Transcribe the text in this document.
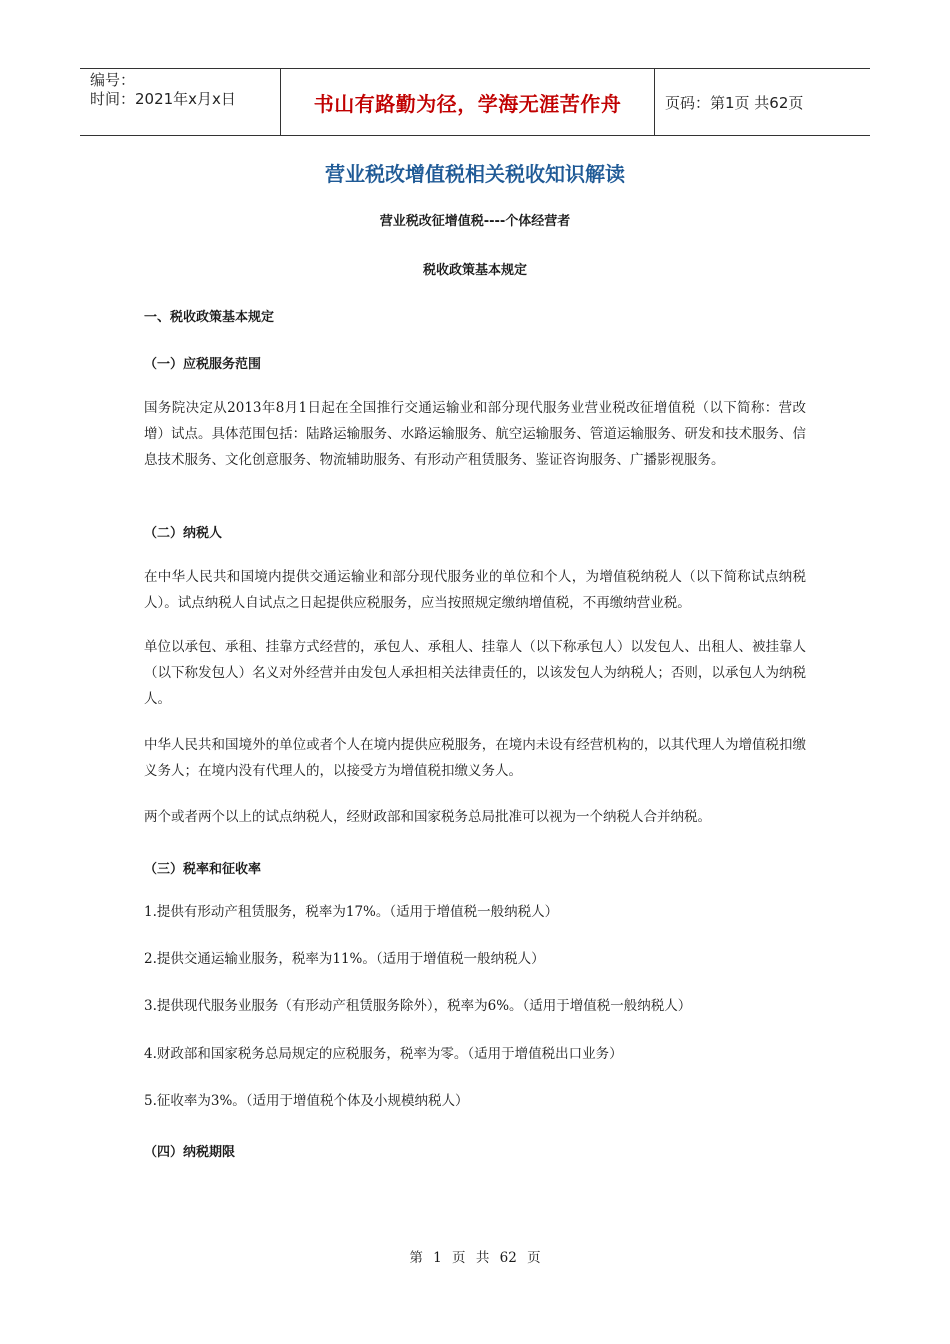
编号：
时间：2021年x月x日	书山有路勤为径，学海无涯苦作舟	页码：第1页 共62页
营业税改增值税相关税收知识解读
营业税改征增值税----个体经营者
税收政策基本规定
一、税收政策基本规定
（一）应税服务范围
国务院决定从2013年8月1日起在全国推行交通运输业和部分现代服务业营业税改征增值税（以下简称：营改增）试点。具体范围包括：陆路运输服务、水路运输服务、航空运输服务、管道运输服务、研发和技术服务、信息技术服务、文化创意服务、物流辅助服务、有形动产租赁服务、鉴证咨询服务、广播影视服务。
（二）纳税人
在中华人民共和国境内提供交通运输业和部分现代服务业的单位和个人，为增值税纳税人（以下简称试点纳税人）。试点纳税人自试点之日起提供应税服务，应当按照规定缴纳增值税，不再缴纳营业税。
单位以承包、承租、挂靠方式经营的，承包人、承租人、挂靠人（以下称承包人）以发包人、出租人、被挂靠人（以下称发包人）名义对外经营并由发包人承担相关法律责任的，以该发包人为纳税人；否则，以承包人为纳税人。
中华人民共和国境外的单位或者个人在境内提供应税服务，在境内未设有经营机构的，以其代理人为增值税扣缴义务人；在境内没有代理人的，以接受方为增值税扣缴义务人。
两个或者两个以上的试点纳税人，经财政部和国家税务总局批准可以视为一个纳税人合并纳税。
（三）税率和征收率
1.提供有形动产租赁服务，税率为17%。（适用于增值税一般纳税人）
2.提供交通运输业服务，税率为11%。（适用于增值税一般纳税人）
3.提供现代服务业服务（有形动产租赁服务除外），税率为6%。（适用于增值税一般纳税人）
4.财政部和国家税务总局规定的应税服务，税率为零。（适用于增值税出口业务）
5.征收率为3%。（适用于增值税个体及小规模纳税人）
（四）纳税期限
第 1 页 共 62 页
